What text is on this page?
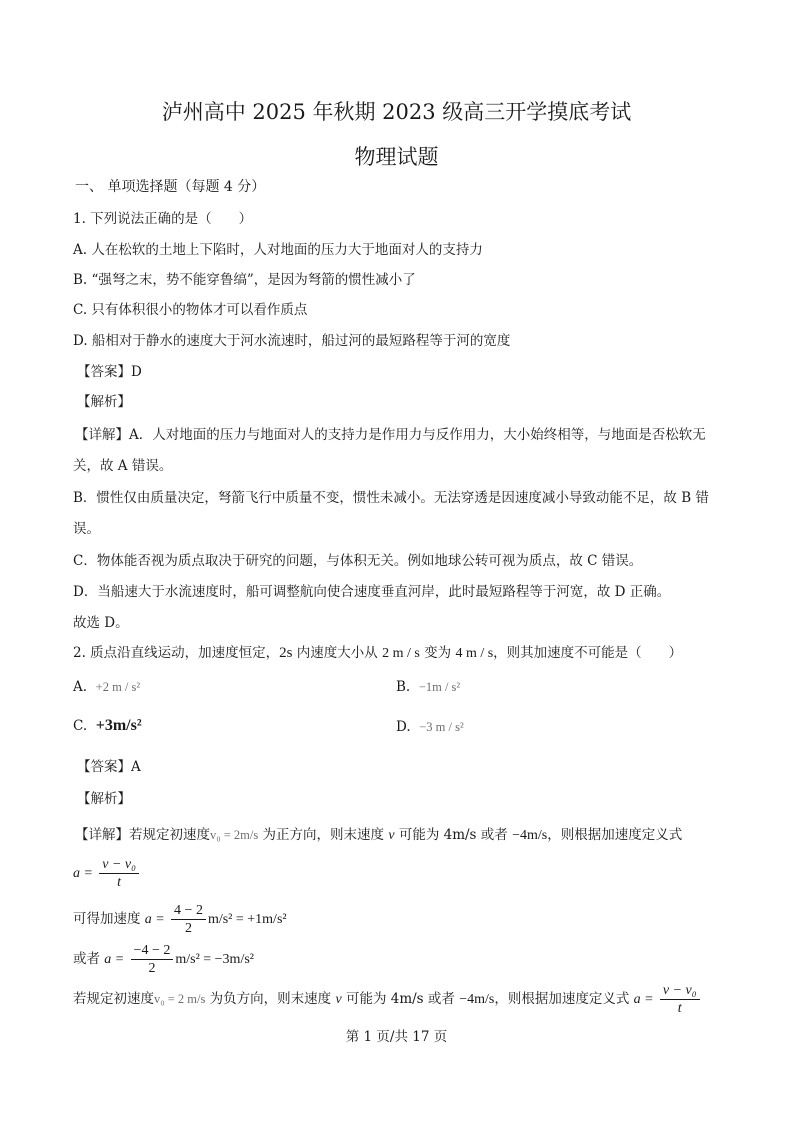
泸州高中 2025 年秋期 2023 级高三开学摸底考试
物理试题
一、 单项选择题（每题 4 分）
1. 下列说法正确的是（　　）
A. 人在松软的土地上下陷时，人对地面的压力大于地面对人的支持力
B. “强弩之末，势不能穿鲁缟”，是因为弩箭的惯性减小了
C. 只有体积很小的物体才可以看作质点
D. 船相对于静水的速度大于河水流速时，船过河的最短路程等于河的宽度
【答案】D
【解析】
【详解】A．人对地面的压力与地面对人的支持力是作用力与反作用力，大小始终相等，与地面是否松软无
关，故 A 错误。
B．惯性仅由质量决定，弩箭飞行中质量不变，惯性未减小。无法穿透是因速度减小导致动能不足，故 B 错
误。
C．物体能否视为质点取决于研究的问题，与体积无关。例如地球公转可视为质点，故 C 错误。
D．当船速大于水流速度时，船可调整航向使合速度垂直河岸，此时最短路程等于河宽，故 D 正确。
故选 D。
2. 质点沿直线运动，加速度恒定，2s 内速度大小从 2 m / s 变为 4 m / s，则其加速度不可能是（　　）
A. +2 m / s²	B. −1m / s²
C. +3m/s²	D. −3 m / s²
【答案】A
【解析】
【详解】若规定初速度v₀ = 2m/s 为正方向，则末速度 v 可能为 4m/s 或者 −4m/s，则根据加速度定义式
$a = \frac{\text{v − v₀}}{t}$
可得加速度 $a = \frac{4 - 2}{2} m/s^2 = +1m/s^2$
或者 $a = \frac{-4 - 2}{2} m/s^2 = -3m/s^2$
若规定初速度v₀ = 2 m/s 为负方向，则末速度 v 可能为 4m/s 或者 −4m/s，则根据加速度定义式 $a = \frac{\text{v − v₀}}{t}$
第 1 页/共 17 页
